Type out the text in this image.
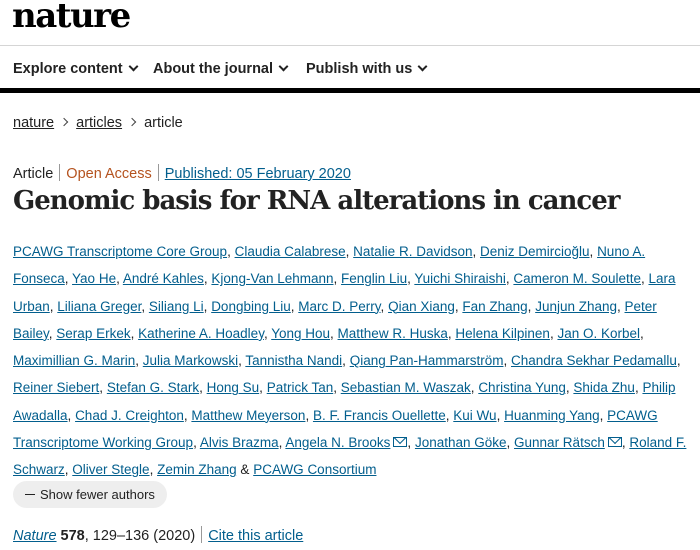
nature
Explore content	About the journal	Publish with us
nature articles article
Article Open Access Published: 05 February 2020
Genomic basis for RNA alterations in cancer
PCAWG Transcriptome Core Group, Claudia Calabrese, Natalie R. Davidson, Deniz Demircioğlu, Nuno A. Fonseca, Yao He, André Kahles, Kjong-Van Lehmann, Fenglin Liu, Yuichi Shiraishi, Cameron M. Soulette, Lara Urban, Liliana Greger, Siliang Li, Dongbing Liu, Marc D. Perry, Qian Xiang, Fan Zhang, Junjun Zhang, Peter Bailey, Serap Erkek, Katherine A. Hoadley, Yong Hou, Matthew R. Huska, Helena Kilpinen, Jan O. Korbel, Maximillian G. Marin, Julia Markowski, Tannistha Nandi, Qiang Pan-Hammarström, Chandra Sekhar Pedamallu, Reiner Siebert, Stefan G. Stark, Hong Su, Patrick Tan, Sebastian M. Waszak, Christina Yung, Shida Zhu, Philip Awadalla, Chad J. Creighton, Matthew Meyerson, B. F. Francis Ouellette, Kui Wu, Huanming Yang, PCAWG Transcriptome Working Group, Alvis Brazma, Angela N. Brooks , Jonathan Göke, Gunnar Rätsch , Roland F. Schwarz, Oliver Stegle, Zemin Zhang & PCAWG Consortium
Show fewer authors
Nature 578, 129–136 (2020) Cite this article
